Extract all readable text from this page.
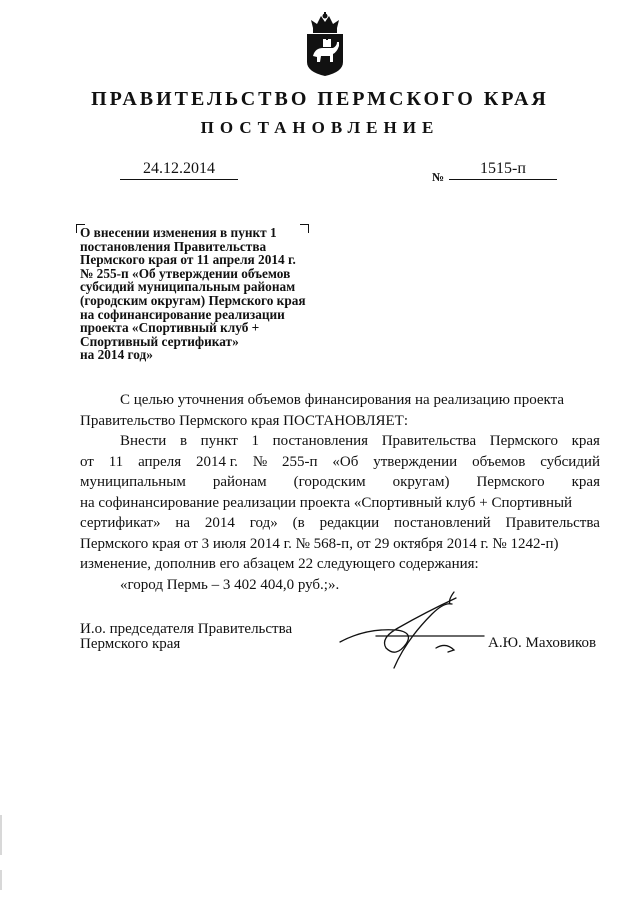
ПРАВИТЕЛЬСТВО ПЕРМСКОГО КРАЯ
ПОСТАНОВЛЕНИЕ
24.12.2014	№	1515-п
О внесении изменения в пункт 1
постановления Правительства
Пермского края от 11 апреля 2014 г.
№ 255-п «Об утверждении объемов
субсидий муниципальным районам
(городским округам) Пермского края
на софинансирование реализации
проекта «Спортивный клуб +
Спортивный сертификат»
на 2014 год»
С целью уточнения объемов финансирования на реализацию проекта
Правительство Пермского края ПОСТАНОВЛЯЕТ:
Внести в пункт 1 постановления Правительства Пермского края
от 11 апреля 2014 г. № 255-п «Об утверждении объемов субсидий
муниципальным районам (городским округам) Пермского края
на софинансирование реализации проекта «Спортивный клуб + Спортивный
сертификат» на 2014 год» (в редакции постановлений Правительства
Пермского края от 3 июля 2014 г. № 568-п, от 29 октября 2014 г. № 1242-п)
изменение, дополнив его абзацем 22 следующего содержания:
«город Пермь – 3 402 404,0 руб.;».
И.о. председателя Правительства
Пермского края	А.Ю. Маховиков
